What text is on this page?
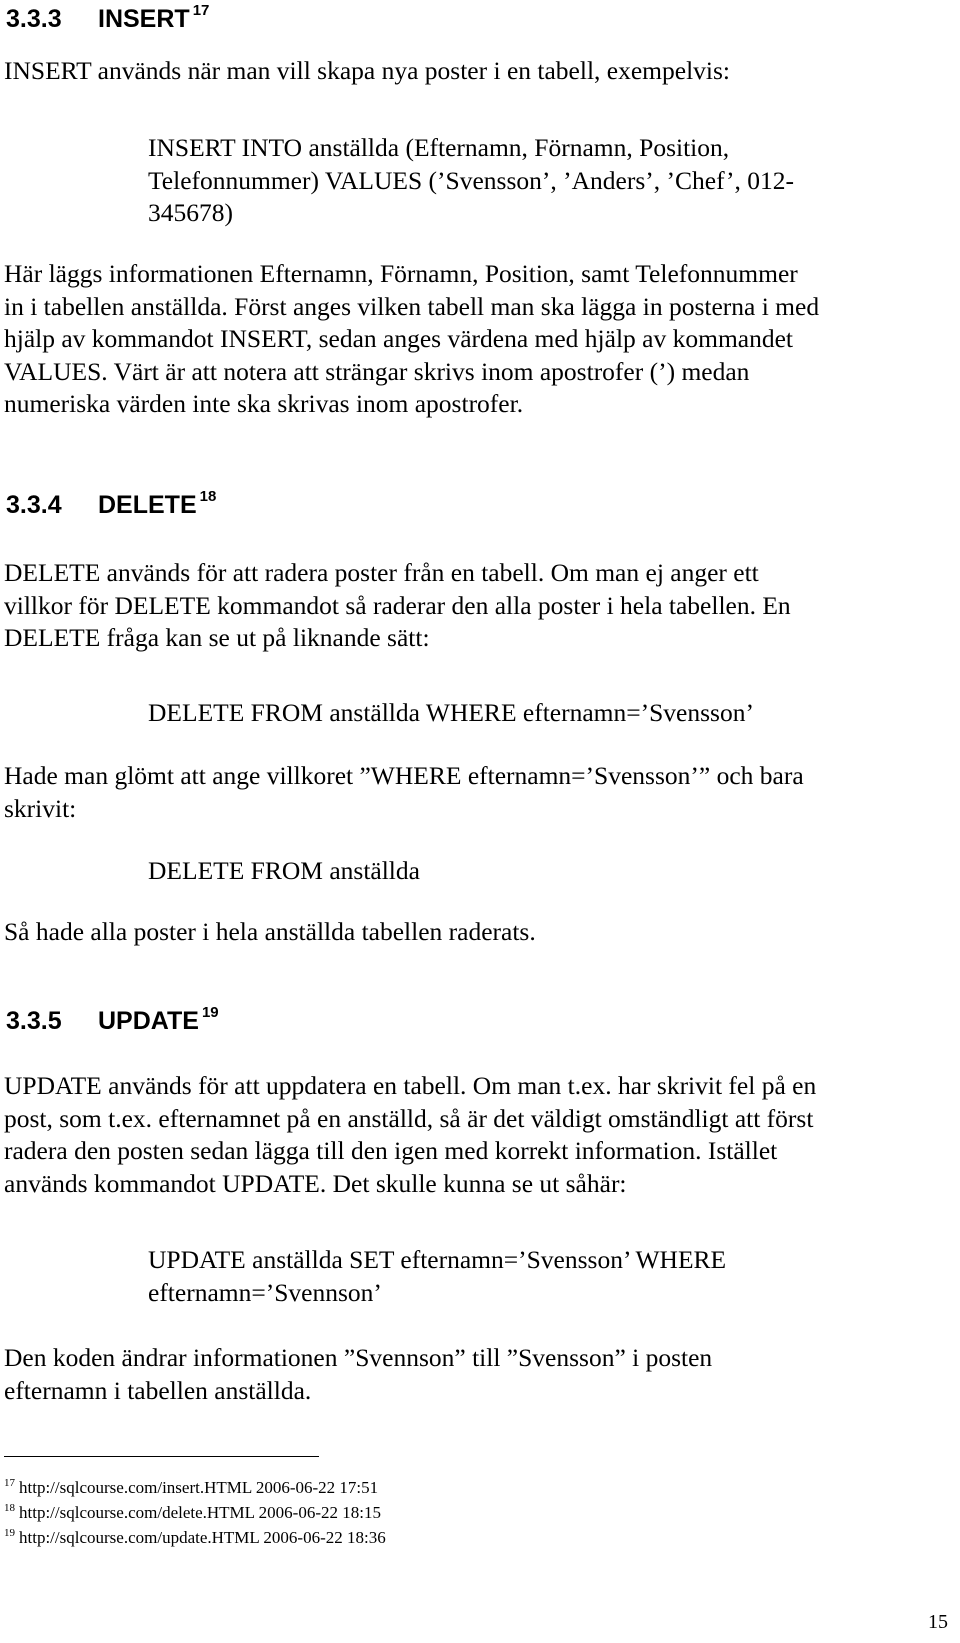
3.3.3 INSERT $^{17}$

INSERT används när man vill skapa nya poster i en tabell, exempelvis:

INSERT INTO anställda (Efternamn, Förnamn, Position,
Telefonnummer) VALUES (’Svensson’, ’Anders’, ’Chef’, 012-
345678)

Här läggs informationen Efternamn, Förnamn, Position, samt Telefonnummer
in i tabellen anställda. Först anges vilken tabell man ska lägga in posterna i med
hjälp av kommandot INSERT, sedan anges värdena med hjälp av kommandet
VALUES. Värt är att notera att strängar skrivs inom apostrofer (’) medan
numeriska värden inte ska skrivas inom apostrofer.

3.3.4 DELETE $^{18}$

DELETE används för att radera poster från en tabell. Om man ej anger ett
villkor för DELETE kommandot så raderar den alla poster i hela tabellen. En
DELETE fråga kan se ut på liknande sätt:

DELETE FROM anställda WHERE efternamn=’Svensson’

Hade man glömt att ange villkoret ”WHERE efternamn=’Svensson’” och bara
skrivit:

DELETE FROM anställda

Så hade alla poster i hela anställda tabellen raderats.

3.3.5 UPDATE $^{19}$

UPDATE används för att uppdatera en tabell. Om man t.ex. har skrivit fel på en
post, som t.ex. efternamnet på en anställd, så är det väldigt omständligt att först
radera den posten sedan lägga till den igen med korrekt information. Istället
används kommandot UPDATE. Det skulle kunna se ut såhär:

UPDATE anställda SET efternamn=’Svensson’ WHERE
efternamn=’Svennson’

Den koden ändrar informationen ”Svennson” till ”Svensson” i posten
efternamn i tabellen anställda.

$^{17}$ http://sqlcourse.com/insert.HTML 2006-06-22 17:51
$^{18}$ http://sqlcourse.com/delete.HTML 2006-06-22 18:15
$^{19}$ http://sqlcourse.com/update.HTML 2006-06-22 18:36
15
